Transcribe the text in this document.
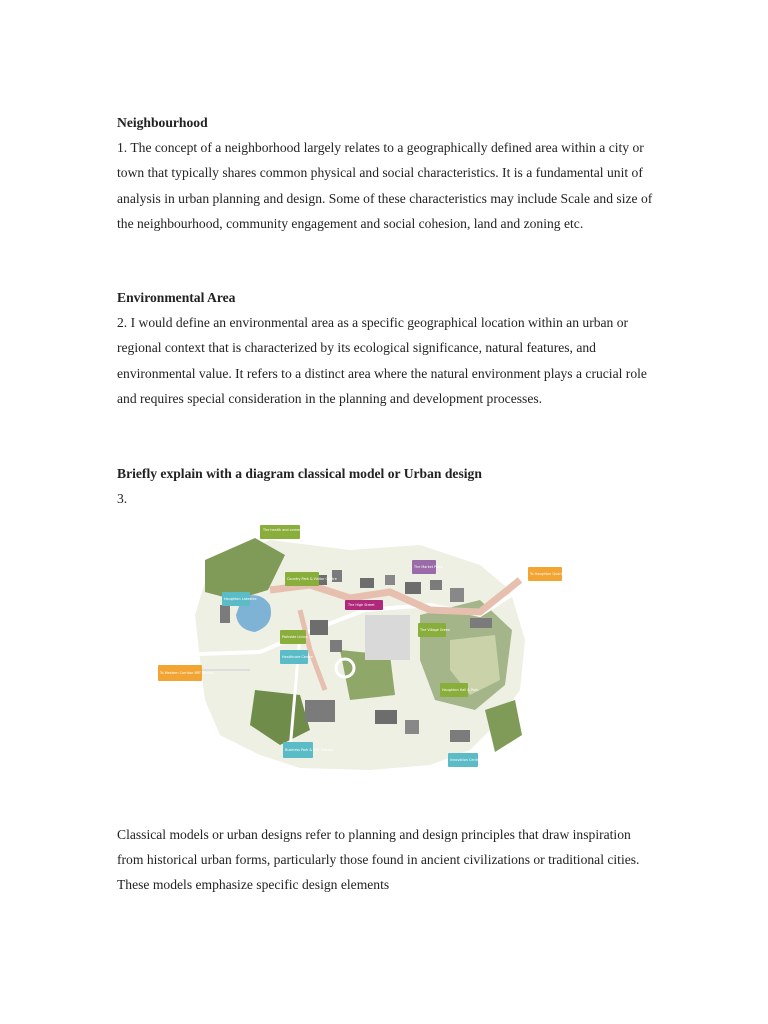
Neighbourhood

1. The concept of a neighborhood largely relates to a geographically defined area within a city or town that typically shares common physical and social characteristics. It is a fundamental unit of analysis in urban planning and design. Some of these characteristics may include Scale and size of the neighbourhood, community engagement and social cohesion, land and zoning etc.

Environmental Area

2. I would define an environmental area as a specific geographical location within an urban or regional context that is characterized by its ecological significance, natural features, and environmental value. It refers to a distinct area where the natural environment plays a crucial role and requires special consideration in the planning and development processes.

Briefly explain with a diagram classical model or Urban design
3.
The health and community park
Country Park & Visitor Centre
Haughton Lakeside
The High Street
The Market Place
To Haughton Quarter
The Village Green
Parkside Living
Healthcare Centre
To Western Corridor BRT Station
Haughton Hall & Park
Business Park & BRT Station
Innovation Centre

Classical models or urban designs refer to planning and design principles that draw inspiration from historical urban forms, particularly those found in ancient civilizations or traditional cities. These models emphasize specific design elements
